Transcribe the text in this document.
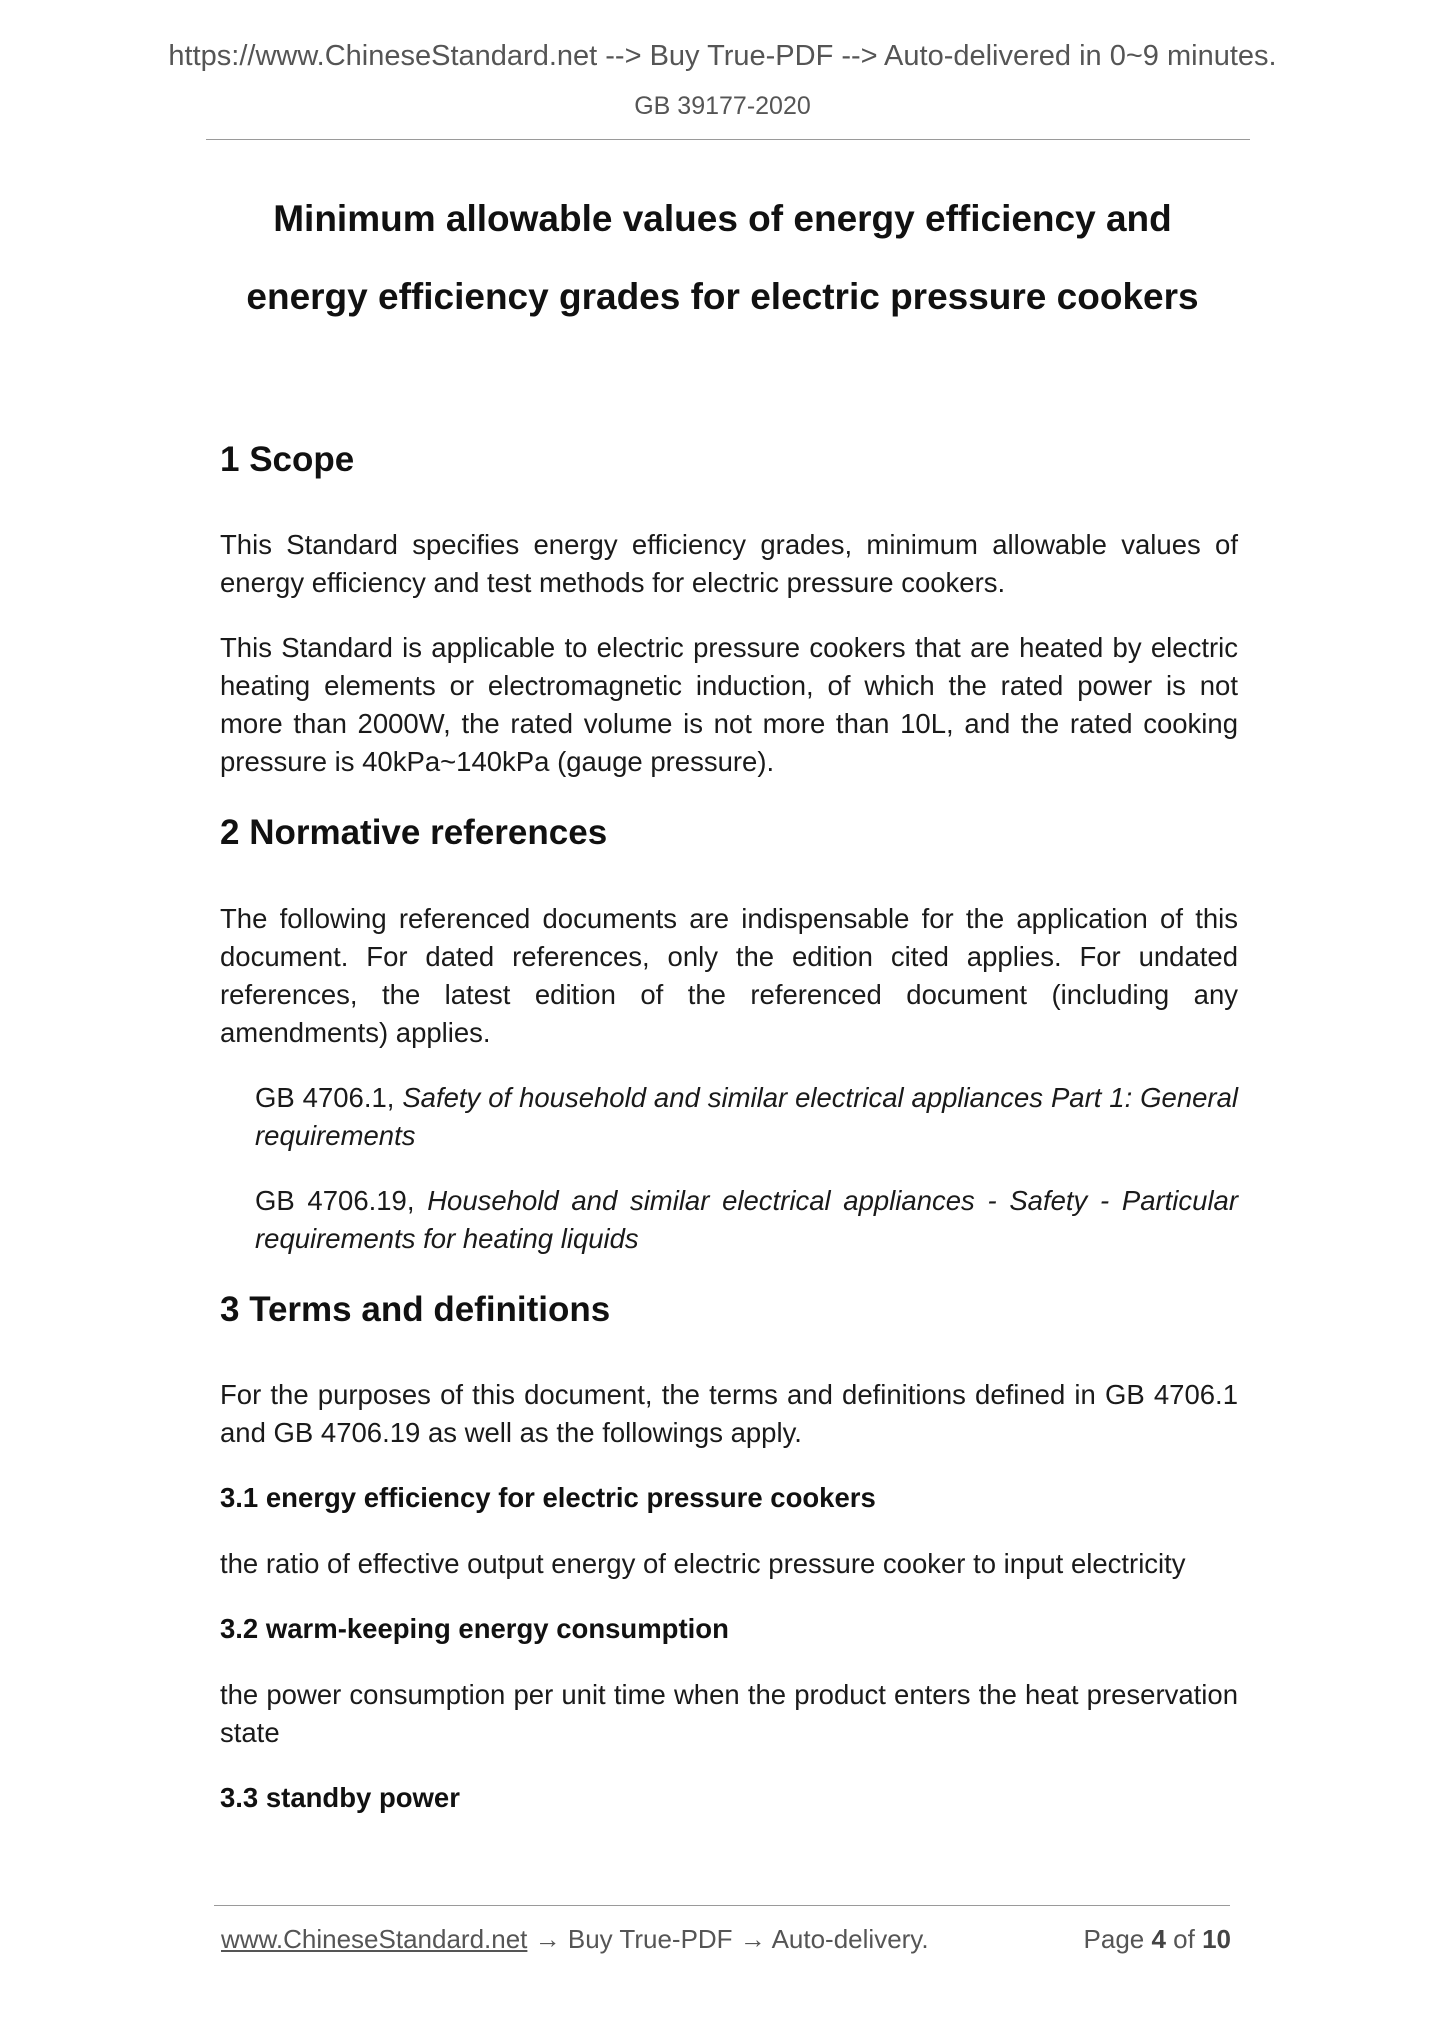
https://www.ChineseStandard.net --> Buy True-PDF --> Auto-delivered in 0~9 minutes.
GB 39177-2020
Minimum allowable values of energy efficiency and
energy efficiency grades for electric pressure cookers
1 Scope

This Standard specifies energy efficiency grades, minimum allowable values of energy efficiency and test methods for electric pressure cookers.

This Standard is applicable to electric pressure cookers that are heated by electric heating elements or electromagnetic induction, of which the rated power is not more than 2000W, the rated volume is not more than 10L, and the rated cooking pressure is 40kPa~140kPa (gauge pressure).

2 Normative references

The following referenced documents are indispensable for the application of this document. For dated references, only the edition cited applies. For undated references, the latest edition of the referenced document (including any amendments) applies.

GB 4706.1, Safety of household and similar electrical appliances Part 1: General requirements

GB 4706.19, Household and similar electrical appliances - Safety - Particular requirements for heating liquids

3 Terms and definitions

For the purposes of this document, the terms and definitions defined in GB 4706.1 and GB 4706.19 as well as the followings apply.

3.1 energy efficiency for electric pressure cookers

the ratio of effective output energy of electric pressure cooker to input electricity

3.2 warm-keeping energy consumption

the power consumption per unit time when the product enters the heat preservation state

3.3 standby power
www.ChineseStandard.net → Buy True-PDF → Auto-delivery.	Page 4 of 10
